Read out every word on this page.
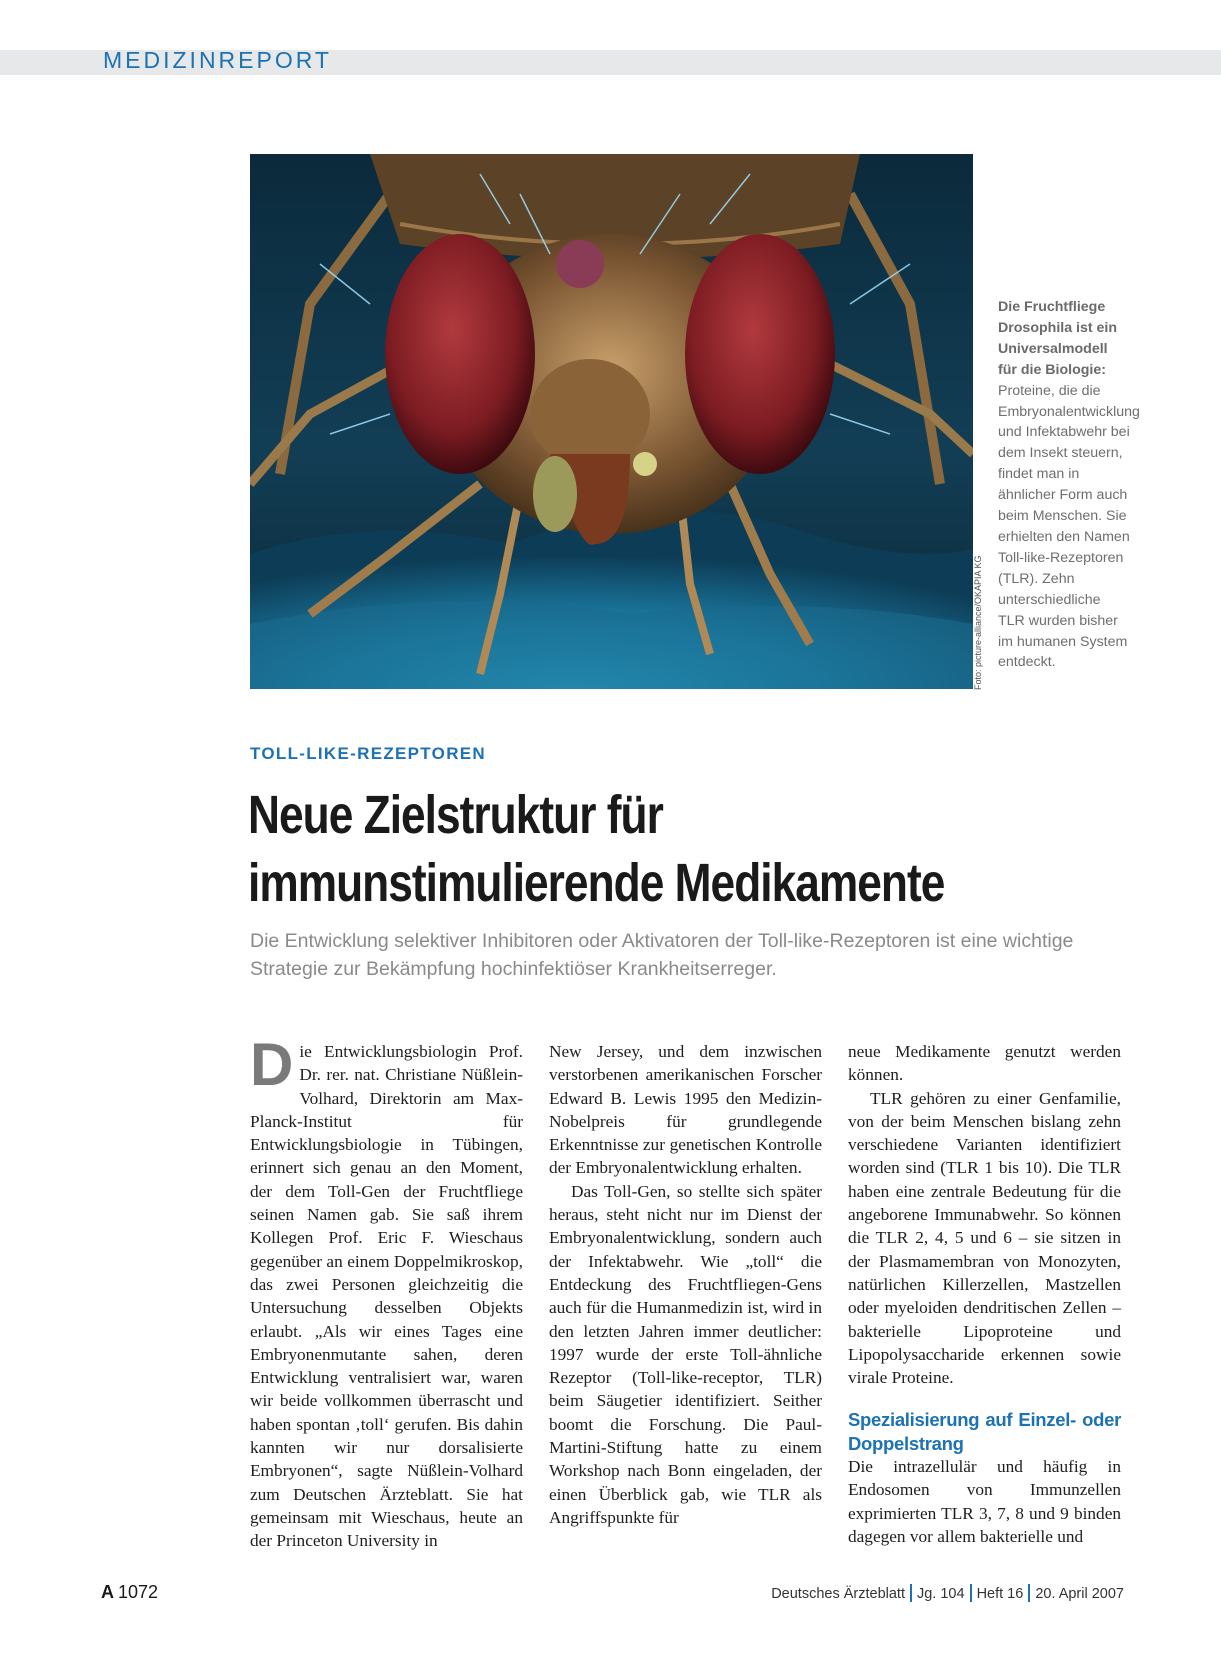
MEDIZINREPORT
Foto: picture-alliance/OKAPIA KG
Die Fruchtfliege Drosophila ist ein Universalmodell für die Biologie: Proteine, die die Embryonalentwicklung und Infektabwehr bei dem Insekt steuern, findet man in ähnlicher Form auch beim Menschen. Sie erhielten den Namen Toll-like-Rezeptoren (TLR). Zehn unterschiedliche TLR wurden bisher im humanen System entdeckt.
TOLL-LIKE-REZEPTOREN
Neue Zielstruktur für
immunstimulierende Medikamente
Die Entwicklung selektiver Inhibitoren oder Aktivatoren der Toll-like-Rezeptoren ist eine wichtige Strategie zur Bekämpfung hochinfektiöser Krankheitserreger.

Die Entwicklungsbiologin Prof. Dr. rer. nat. Christiane Nüßlein-Volhard, Direktorin am Max-Planck-Institut für Entwicklungsbiologie in Tübingen, erinnert sich genau an den Moment, der dem Toll-Gen der Fruchtfliege seinen Namen gab. Sie saß ihrem Kollegen Prof. Eric F. Wieschaus gegenüber an einem Doppelmikroskop, das zwei Personen gleichzeitig die Untersuchung desselben Objekts erlaubt. „Als wir eines Tages eine Embryonenmutante sahen, deren Entwicklung ventralisiert war, waren wir beide vollkommen überrascht und haben spontan ‚toll‘ gerufen. Bis dahin kannten wir nur dorsalisierte Embryonen“, sagte Nüßlein-Volhard zum Deutschen Ärzteblatt. Sie hat gemeinsam mit Wieschaus, heute an der Princeton University in

New Jersey, und dem inzwischen verstorbenen amerikanischen Forscher Edward B. Lewis 1995 den Medizin-Nobelpreis für grundlegende Erkenntnisse zur genetischen Kontrolle der Embryonalentwicklung erhalten.

Das Toll-Gen, so stellte sich später heraus, steht nicht nur im Dienst der Embryonalentwicklung, sondern auch der Infektabwehr. Wie „toll“ die Entdeckung des Fruchtfliegen-Gens auch für die Humanmedizin ist, wird in den letzten Jahren immer deutlicher: 1997 wurde der erste Toll-ähnliche Rezeptor (Toll-like-receptor, TLR) beim Säugetier identifiziert. Seither boomt die Forschung. Die Paul-Martini-Stiftung hatte zu einem Workshop nach Bonn eingeladen, der einen Überblick gab, wie TLR als Angriffspunkte für

neue Medikamente genutzt werden können.

TLR gehören zu einer Genfamilie, von der beim Menschen bislang zehn verschiedene Varianten identifiziert worden sind (TLR 1 bis 10). Die TLR haben eine zentrale Bedeutung für die angeborene Immunabwehr. So können die TLR 2, 4, 5 und 6 – sie sitzen in der Plasmamembran von Monozyten, natürlichen Killerzellen, Mastzellen oder myeloiden dendritischen Zellen – bakterielle Lipoproteine und Lipopolysaccharide erkennen sowie virale Proteine.

Spezialisierung auf Einzel- oder Doppelstrang

Die intrazellulär und häufig in Endosomen von Immunzellen exprimierten TLR 3, 7, 8 und 9 binden dagegen vor allem bakterielle und

A 1072	Deutsches Ärzteblatt Jg. 104 Heft 16 20. April 2007
